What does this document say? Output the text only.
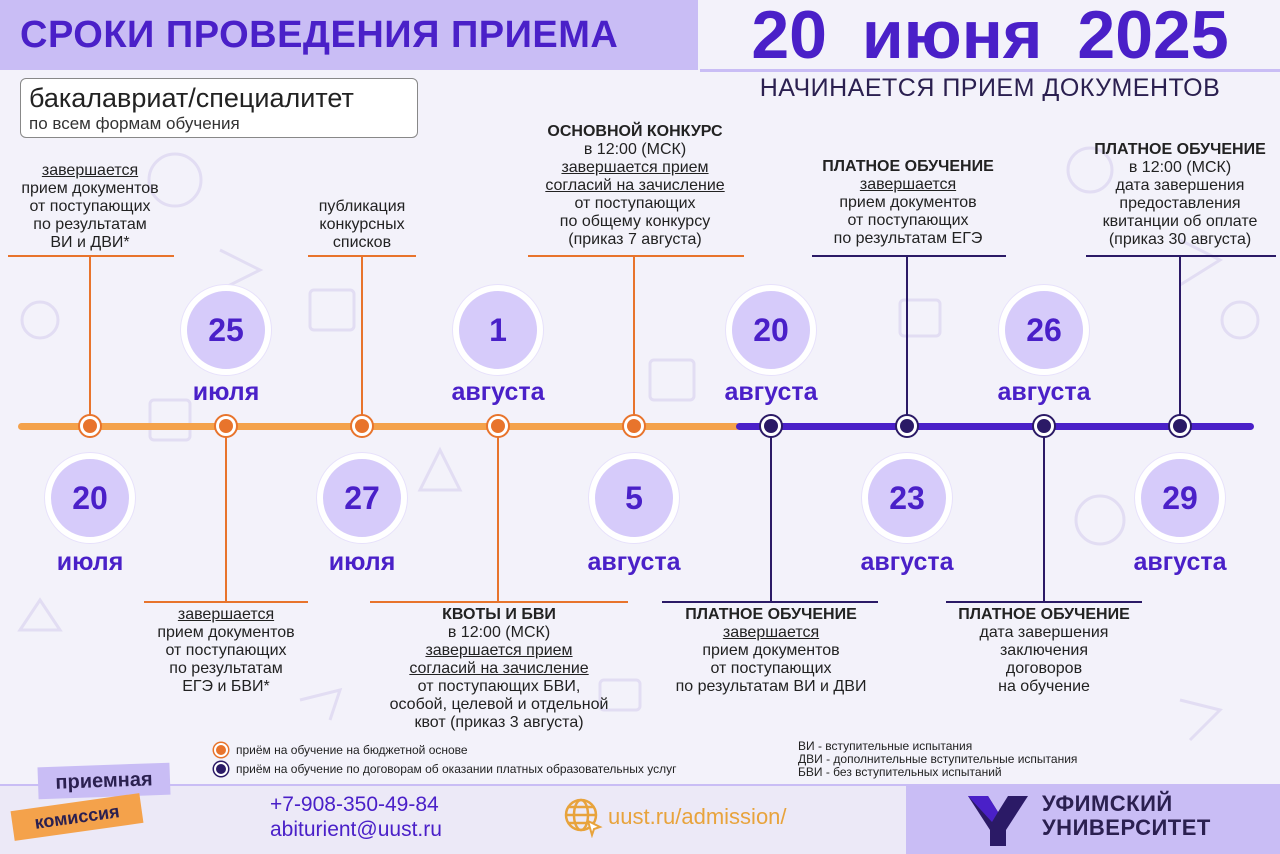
СРОКИ ПРОВЕДЕНИЯ ПРИЕМА	20 июня 2025
НАЧИНАЕТСЯ ПРИЕМ ДОКУМЕНТОВ
бакалавриат/специалитет
по всем формам обучения
20
июля
25
июля
27
июля
1
августа
5
августа
20
августа
23
августа
26
августа
29
августа
завершается
прием документов
от поступающих
по результатам
ВИ и ДВИ*
завершается
прием документов
от поступающих
по результатам
ЕГЭ и БВИ*
публикация
конкурсных
списков
КВОТЫ И БВИ
в 12:00 (МСК)
завершается прием
согласий на зачисление
от поступающих БВИ,
особой, целевой и отдельной
квот (приказ 3 августа)
ОСНОВНОЙ КОНКУРС
в 12:00 (МСК)
завершается прием
согласий на зачисление
от поступающих
по общему конкурсу
(приказ 7 августа)
ПЛАТНОЕ ОБУЧЕНИЕ
завершается
прием документов
от поступающих
по результатам ВИ и ДВИ
ПЛАТНОЕ ОБУЧЕНИЕ
завершается
прием документов
от поступающих
по результатам ЕГЭ
ПЛАТНОЕ ОБУЧЕНИЕ
дата завершения
заключения
договоров
на обучение
ПЛАТНОЕ ОБУЧЕНИЕ
в 12:00 (МСК)
дата завершения
предоставления
квитанции об оплате
(приказ 30 августа)
приём на обучение на бюджетной основе
приём на обучение по договорам об оказании платных образовательных услуг
ВИ - вступительные испытания
ДВИ - дополнительные вступительные испытания
БВИ - без вступительных испытаний
приемная
комиссия	+7-908-350-49-84
abiturient@uust.ru
uust.ru/admission/
УФИМСКИЙ
УНИВЕРСИТЕТ
